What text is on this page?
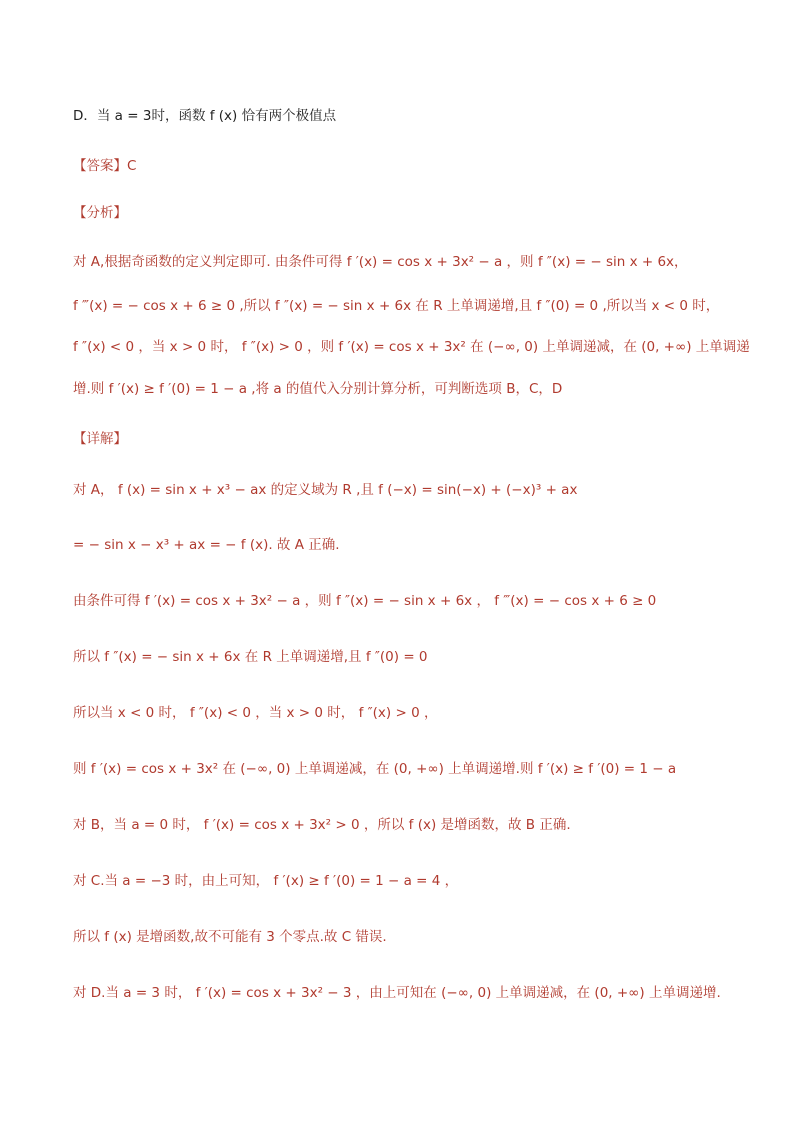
D．当 a = 3时，函数 f (x) 恰有两个极值点
【答案】C
【分析】
对 A,根据奇函数的定义判定即可. 由条件可得 f ′(x) = cos x + 3x² − a ，则 f ″(x) = − sin x + 6x，
f ‴(x) = − cos x + 6 ≥ 0 ,所以 f ″(x) = − sin x + 6x 在 R 上单调递增,且 f ″(0) = 0 ,所以当 x < 0 时，
f ″(x) < 0 ，当 x > 0 时， f ″(x) > 0 ，则 f ′(x) = cos x + 3x² 在 (−∞, 0) 上单调递减，在 (0, +∞) 上单调递
增.则 f ′(x) ≥ f ′(0) = 1 − a ,将 a 的值代入分别计算分析，可判断选项 B，C，D
【详解】
对 A， f (x) = sin x + x³ − ax 的定义域为 R ,且 f (−x) = sin(−x) + (−x)³ + ax
= − sin x − x³ + ax = − f (x). 故 A 正确.
由条件可得 f ′(x) = cos x + 3x² − a ，则 f ″(x) = − sin x + 6x ， f ‴(x) = − cos x + 6 ≥ 0
所以 f ″(x) = − sin x + 6x 在 R 上单调递增,且 f ″(0) = 0
所以当 x < 0 时， f ″(x) < 0 ，当 x > 0 时， f ″(x) > 0 ，
则 f ′(x) = cos x + 3x² 在 (−∞, 0) 上单调递减，在 (0, +∞) 上单调递增.则 f ′(x) ≥ f ′(0) = 1 − a
对 B，当 a = 0 时， f ′(x) = cos x + 3x² > 0 ，所以 f (x) 是增函数，故 B 正确.
对 C.当 a = −3 时，由上可知， f ′(x) ≥ f ′(0) = 1 − a = 4 ，
所以 f (x) 是增函数,故不可能有 3 个零点.故 C 错误.
对 D.当 a = 3 时， f ′(x) = cos x + 3x² − 3 ，由上可知在 (−∞, 0) 上单调递减，在 (0, +∞) 上单调递增.
